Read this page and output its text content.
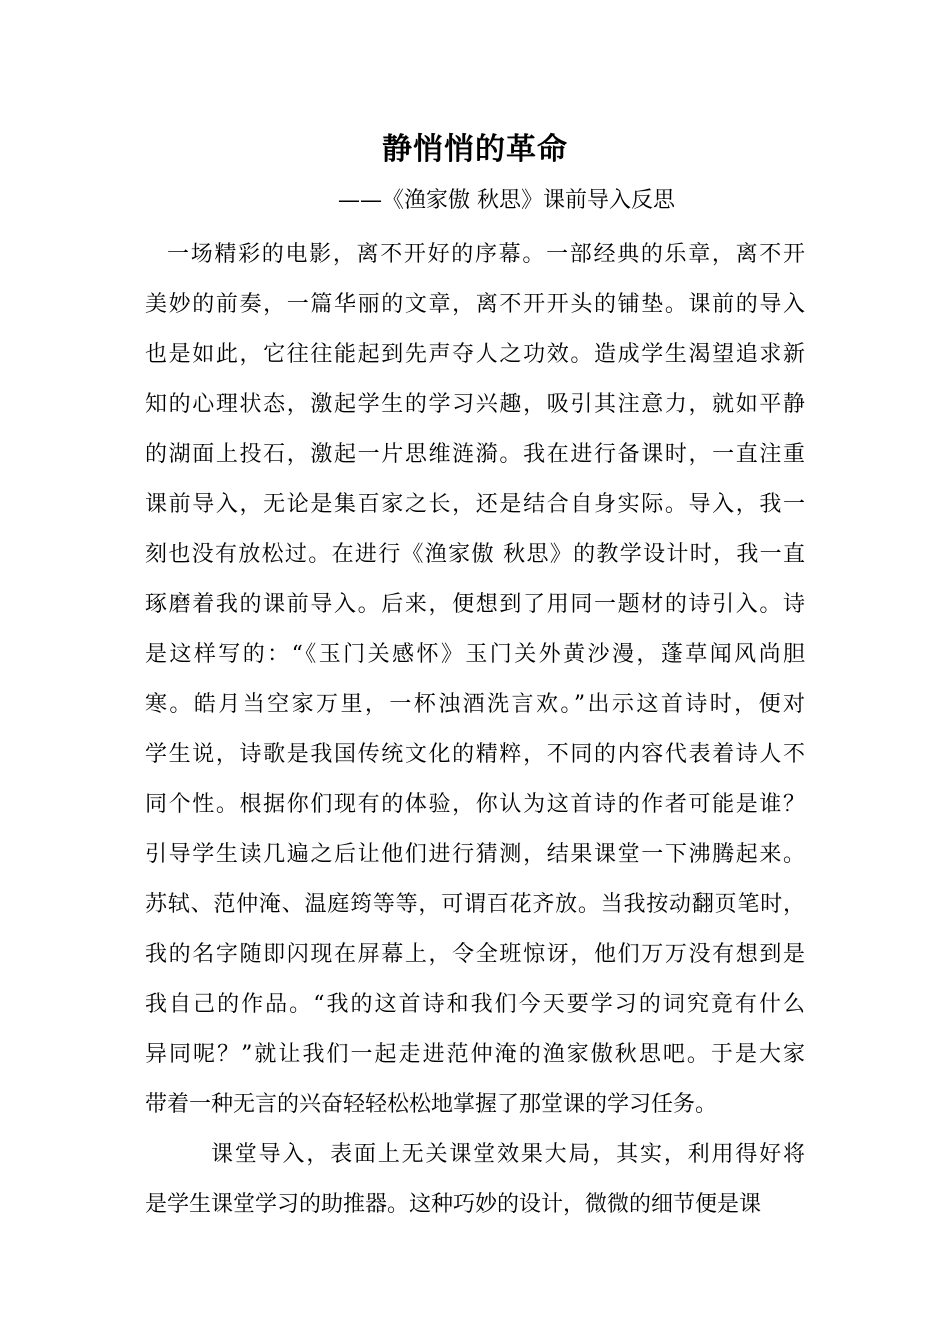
静悄悄的革命
——《渔家傲 秋思》课前导入反思
一场精彩的电影，离不开好的序幕。一部经典的乐章，离不开
美妙的前奏，一篇华丽的文章，离不开开头的铺垫。课前的导入
也是如此，它往往能起到先声夺人之功效。造成学生渴望追求新
知的心理状态，激起学生的学习兴趣，吸引其注意力，就如平静
的湖面上投石，激起一片思维涟漪。我在进行备课时，一直注重
课前导入，无论是集百家之长，还是结合自身实际。导入，我一
刻也没有放松过。在进行《渔家傲 秋思》的教学设计时，我一直
琢磨着我的课前导入。后来，便想到了用同一题材的诗引入。诗
是这样写的：“《玉门关感怀》玉门关外黄沙漫，蓬草闻风尚胆
寒。皓月当空家万里，一杯浊酒洗言欢。”出示这首诗时，便对
学生说，诗歌是我国传统文化的精粹，不同的内容代表着诗人不
同个性。根据你们现有的体验，你认为这首诗的作者可能是谁？
引导学生读几遍之后让他们进行猜测，结果课堂一下沸腾起来。
苏轼、范仲淹、温庭筠等等，可谓百花齐放。当我按动翻页笔时，
我的名字随即闪现在屏幕上，令全班惊讶，他们万万没有想到是
我自己的作品。“我的这首诗和我们今天要学习的词究竟有什么
异同呢？”就让我们一起走进范仲淹的渔家傲秋思吧。于是大家
带着一种无言的兴奋轻轻松松地掌握了那堂课的学习任务。
课堂导入，表面上无关课堂效果大局，其实，利用得好将
是学生课堂学习的助推器。这种巧妙的设计，微微的细节便是课
